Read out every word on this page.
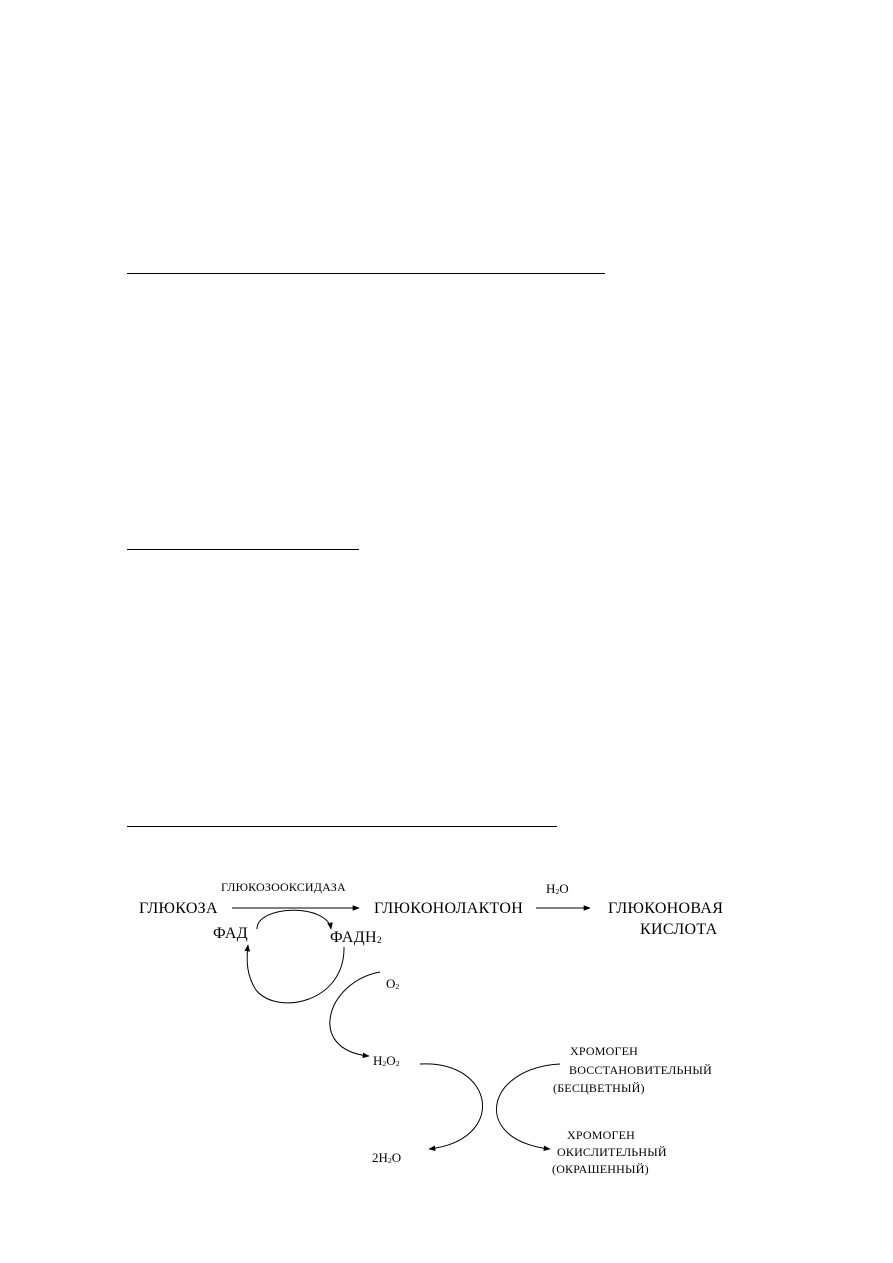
ГЛЮКОЗООКСИДАЗА
ГЛЮКОЗА	ГЛЮКОНОЛАКТОН
$H_2O$
ГЛЮКОНОВАЯ
КИСЛОТА
ФАД	$ФАДН_2$
$O_2$
$H_2O_2$
$2H_2O$
ХРОМОГЕН
ВОССТАНОВИТЕЛЬНЫЙ
(БЕСЦВЕТНЫЙ)
ХРОМОГЕН
ОКИСЛИТЕЛЬНЫЙ
(ОКРАШЕННЫЙ)
